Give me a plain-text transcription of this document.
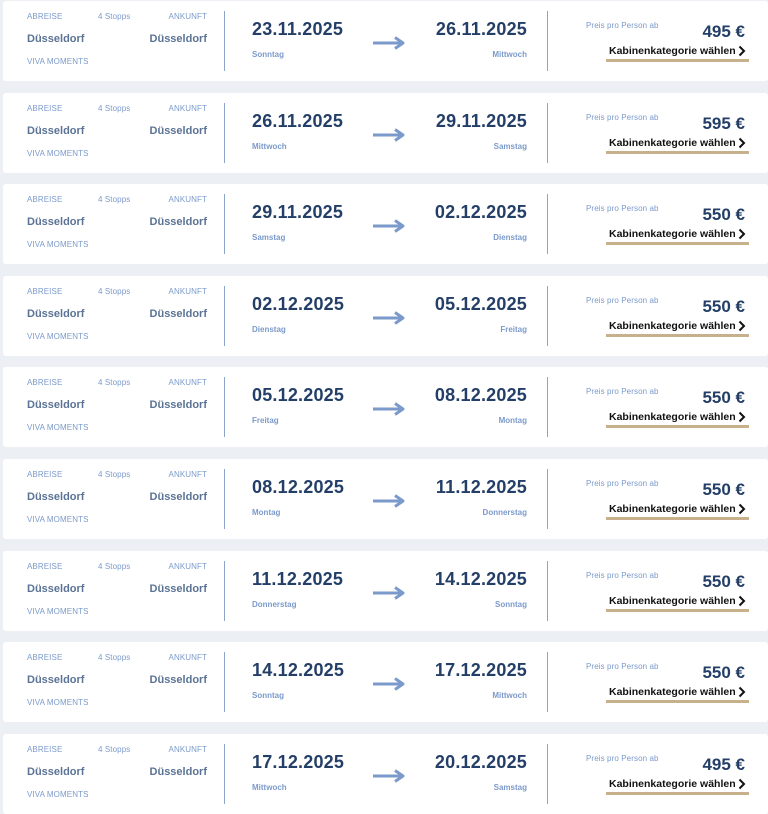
ABREISE	4 Stopps	ANKUNFT
Düsseldorf	Düsseldorf
VIVA MOMENTS
23.11.2025
Sonntag
26.11.2025
Mittwoch
Preis pro Person ab	495 €
Kabinenkategorie wählen
ABREISE	4 Stopps	ANKUNFT
Düsseldorf	Düsseldorf
VIVA MOMENTS
26.11.2025
Mittwoch
29.11.2025
Samstag
Preis pro Person ab	595 €
Kabinenkategorie wählen
ABREISE	4 Stopps	ANKUNFT
Düsseldorf	Düsseldorf
VIVA MOMENTS
29.11.2025
Samstag
02.12.2025
Dienstag
Preis pro Person ab	550 €
Kabinenkategorie wählen
ABREISE	4 Stopps	ANKUNFT
Düsseldorf	Düsseldorf
VIVA MOMENTS
02.12.2025
Dienstag
05.12.2025
Freitag
Preis pro Person ab	550 €
Kabinenkategorie wählen
ABREISE	4 Stopps	ANKUNFT
Düsseldorf	Düsseldorf
VIVA MOMENTS
05.12.2025
Freitag
08.12.2025
Montag
Preis pro Person ab	550 €
Kabinenkategorie wählen
ABREISE	4 Stopps	ANKUNFT
Düsseldorf	Düsseldorf
VIVA MOMENTS
08.12.2025
Montag
11.12.2025
Donnerstag
Preis pro Person ab	550 €
Kabinenkategorie wählen
ABREISE	4 Stopps	ANKUNFT
Düsseldorf	Düsseldorf
VIVA MOMENTS
11.12.2025
Donnerstag
14.12.2025
Sonntag
Preis pro Person ab	550 €
Kabinenkategorie wählen
ABREISE	4 Stopps	ANKUNFT
Düsseldorf	Düsseldorf
VIVA MOMENTS
14.12.2025
Sonntag
17.12.2025
Mittwoch
Preis pro Person ab	550 €
Kabinenkategorie wählen
ABREISE	4 Stopps	ANKUNFT
Düsseldorf	Düsseldorf
VIVA MOMENTS
17.12.2025
Mittwoch
20.12.2025
Samstag
Preis pro Person ab	495 €
Kabinenkategorie wählen
